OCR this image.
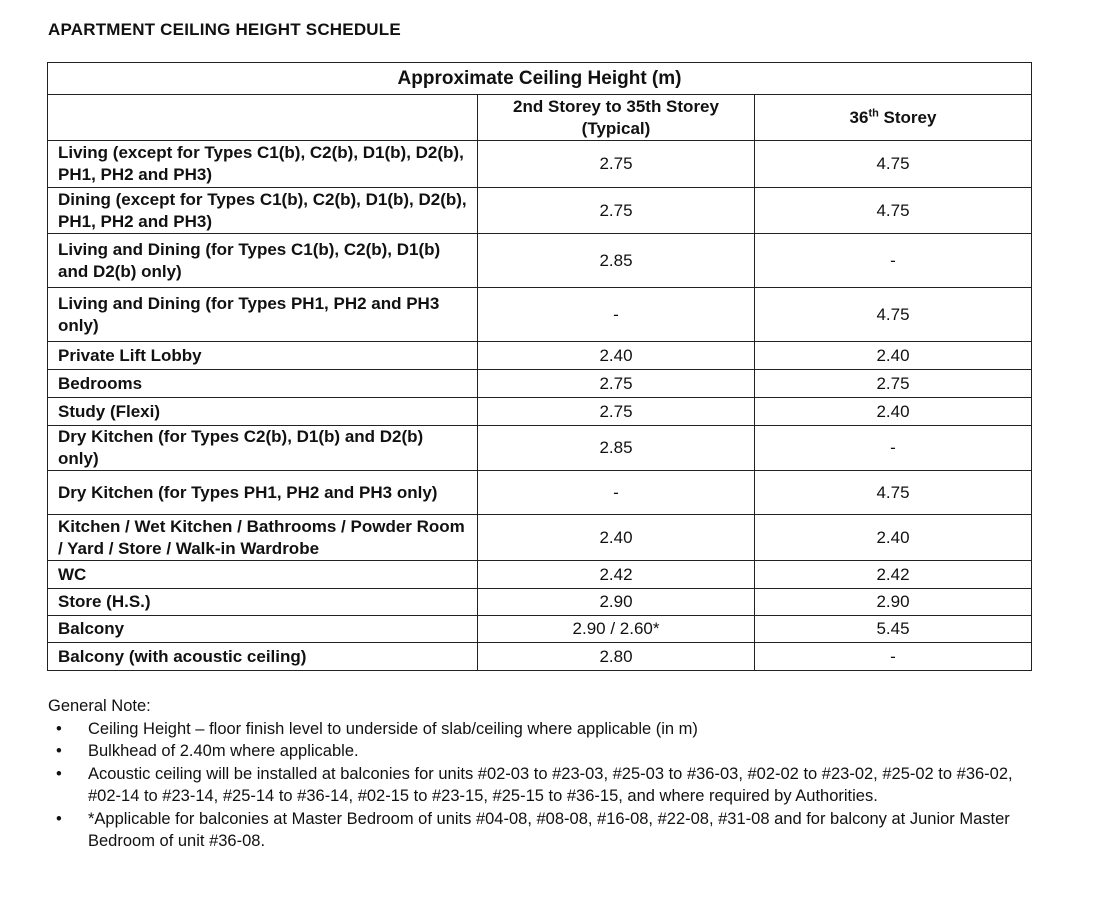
APARTMENT CEILING HEIGHT SCHEDULE
Approximate Ceiling Height (m)		
	2nd Storey to 35th Storey (Typical)	36th Storey
Living (except for Types C1(b), C2(b), D1(b), D2(b), PH1, PH2 and PH3)	2.75	4.75
Dining (except for Types C1(b), C2(b), D1(b), D2(b), PH1, PH2 and PH3)	2.75	4.75
Living and Dining (for Types C1(b), C2(b), D1(b) and D2(b) only)	2.85	-
Living and Dining (for Types PH1, PH2 and PH3 only)	-	4.75
Private Lift Lobby	2.40	2.40
Bedrooms	2.75	2.75
Study (Flexi)	2.75	2.40
Dry Kitchen (for Types C2(b), D1(b) and D2(b) only)	2.85	-
Dry Kitchen (for Types PH1, PH2 and PH3 only)	-	4.75
Kitchen / Wet Kitchen / Bathrooms / Powder Room / Yard / Store / Walk-in Wardrobe	2.40	2.40
WC	2.42	2.42
Store (H.S.)	2.90	2.90
Balcony	2.90 / 2.60*	5.45
Balcony (with acoustic ceiling)	2.80	-
General Note:
• Ceiling Height – floor finish level to underside of slab/ceiling where applicable (in m)
• Bulkhead of 2.40m where applicable.
• Acoustic ceiling will be installed at balconies for units #02-03 to #23-03, #25-03 to #36-03, #02-02 to #23-02, #25-02 to #36-02, #02-14 to #23-14, #25-14 to #36-14, #02-15 to #23-15, #25-15 to #36-15, and where required by Authorities.
• *Applicable for balconies at Master Bedroom of units #04-08, #08-08, #16-08, #22-08, #31-08 and for balcony at Junior Master Bedroom of unit #36-08.
